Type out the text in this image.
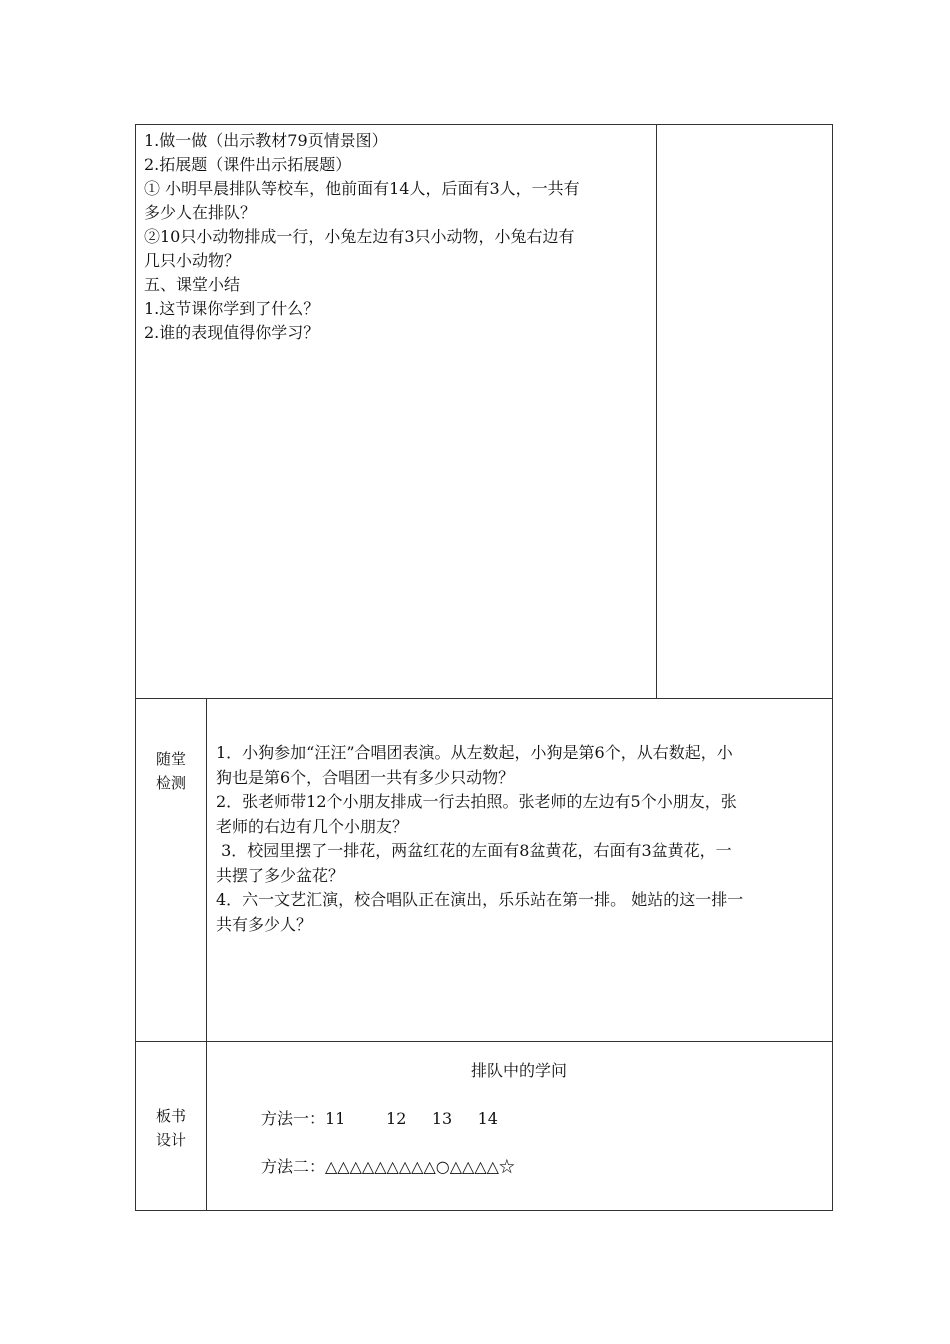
1.做一做（出示教材79页情景图）
2.拓展题（课件出示拓展题）
① 小明早晨排队等校车，他前面有14人，后面有3人，一共有
多少人在排队？
②10只小动物排成一行，小兔左边有3只小动物，小兔右边有
几只小动物？
五、课堂小结
1.这节课你学到了什么？
2.谁的表现值得你学习？
随堂
检测
1．小狗参加“汪汪”合唱团表演。从左数起，小狗是第6个，从右数起，小
狗也是第6个，合唱团一共有多少只动物？
2．张老师带12个小朋友排成一行去拍照。张老师的左边有5个小朋友，张
老师的右边有几个小朋友？
3．校园里摆了一排花，两盆红花的左面有8盆黄花，右面有3盆黄花，一
共摆了多少盆花？
4．六一文艺汇演，校合唱队正在演出，乐乐站在第一排。 她站的这一排一
共有多少人？
板书
设计
排队中的学问
方法一：11        12     13     14
方法二：△△△△△△△△△○△△△△☆
